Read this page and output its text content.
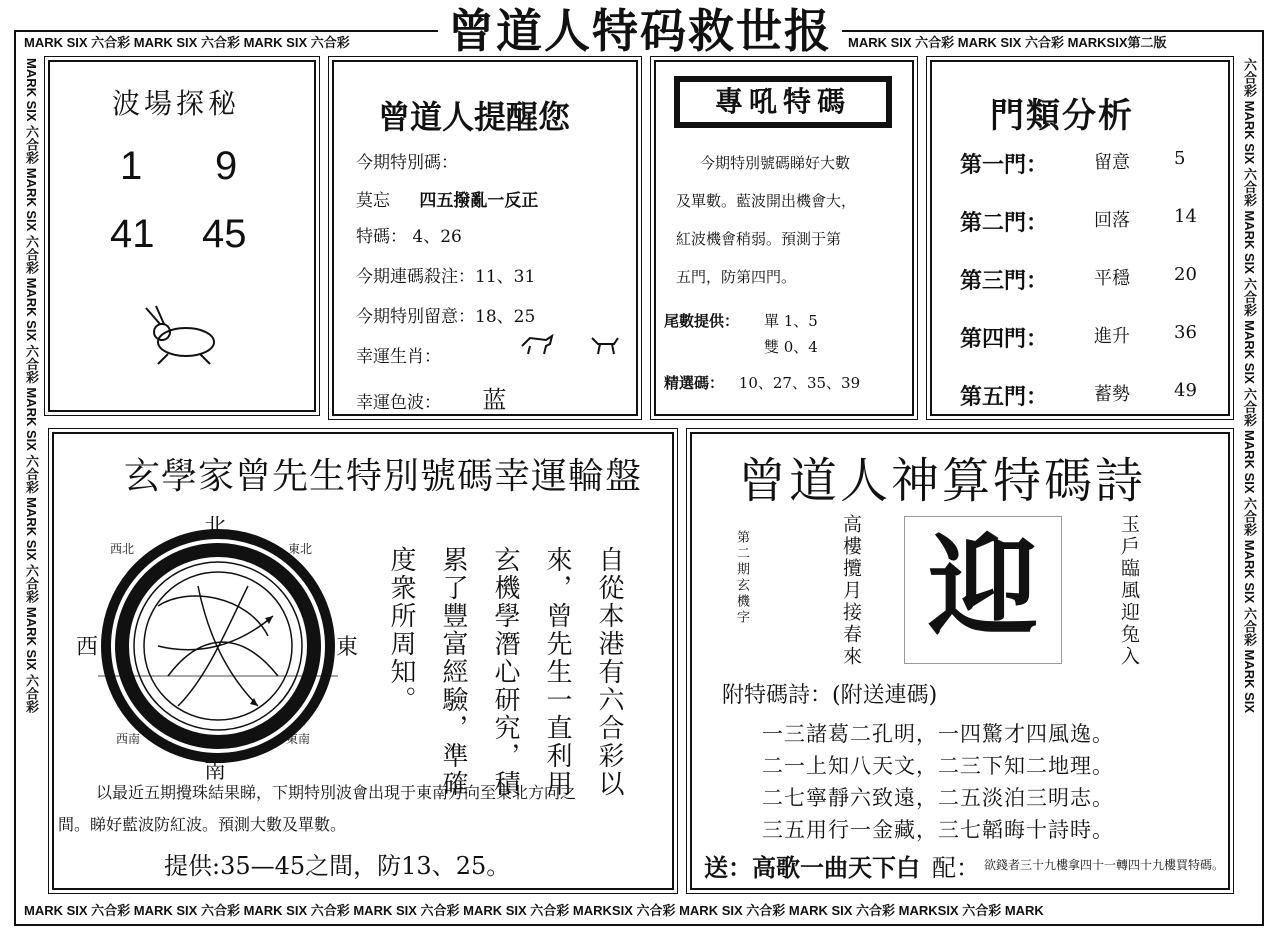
MARK SIX 六合彩 MARK SIX 六合彩 MARK SIX 六合彩	MARK SIX 六合彩 MARK SIX 六合彩 MARKSIX第二版
MARK SIX 六合彩 MARK SIX 六合彩 MARK SIX 六合彩 MARK SIX 六合彩 MARK SIX 六合彩 MARKSIX 六合彩 MARK SIX 六合彩 MARK SIX 六合彩 MARKSIX 六合彩 MARK
MARK SIX 六合彩 MARK SIX 六合彩 MARK SIX 六合彩 MARK SIX 六合彩 MARK SIX 六合彩 MARK SIX 六合彩	六合彩 MARK SIX 六合彩 MARK SIX 六合彩 MARK SIX 六合彩 MARK SIX 六合彩 MARK SIX 六合彩 MARK SIX
曾道人特码救世报
波場探秘
1 9
41 45
曾道人提醒您
今期特別碼：
莫忘 四五撥亂一反正
特碼： 4、26
今期連碼殺注：11、31
今期特別留意：18、25
幸運生肖：
幸運色波： 蓝
專吼特碼
今期特別號碼睇好大數
及單數。藍波開出機會大，
紅波機會稍弱。預測于第
五門，防第四門。
尾數提供： 單 1、5
雙 0、4
精選碼： 10、27、35、39
門類分析
第一門：	留意 5
第二門：	回落 14
第三門：	平穩 20
第四門：	進升 36
第五門：	蓄勢 49
玄學家曾先生特別號碼幸運輪盤
北
南
東
西
西北	東北
西南	東南	自從本港有六合彩以
來，曾先生一直利用
玄機學潛心研究，積
累了豐富經驗，準確
度衆所周知。
以最近五期攪珠結果睇，下期特別波會出現于東南方向至東北方向之
間。睇好藍波防紅波。預測大數及單數。
提供:35—45之間，防13、25。
曾道人神算特碼詩
第二期玄機字	高樓攬月接春來 迎	玉戶臨風迎兔入
附特碼詩：(附送連碼)
一三諸葛二孔明，一四驚才四風逸。
二一上知八天文，二三下知二地理。
二七寧靜六致遠，二五淡泊三明志。
三五用行一金藏，三七韜晦十詩時。
送：高歌一曲天下白 配： 欲錢者三十九樓拿四十一轉四十九樓買特碼。
